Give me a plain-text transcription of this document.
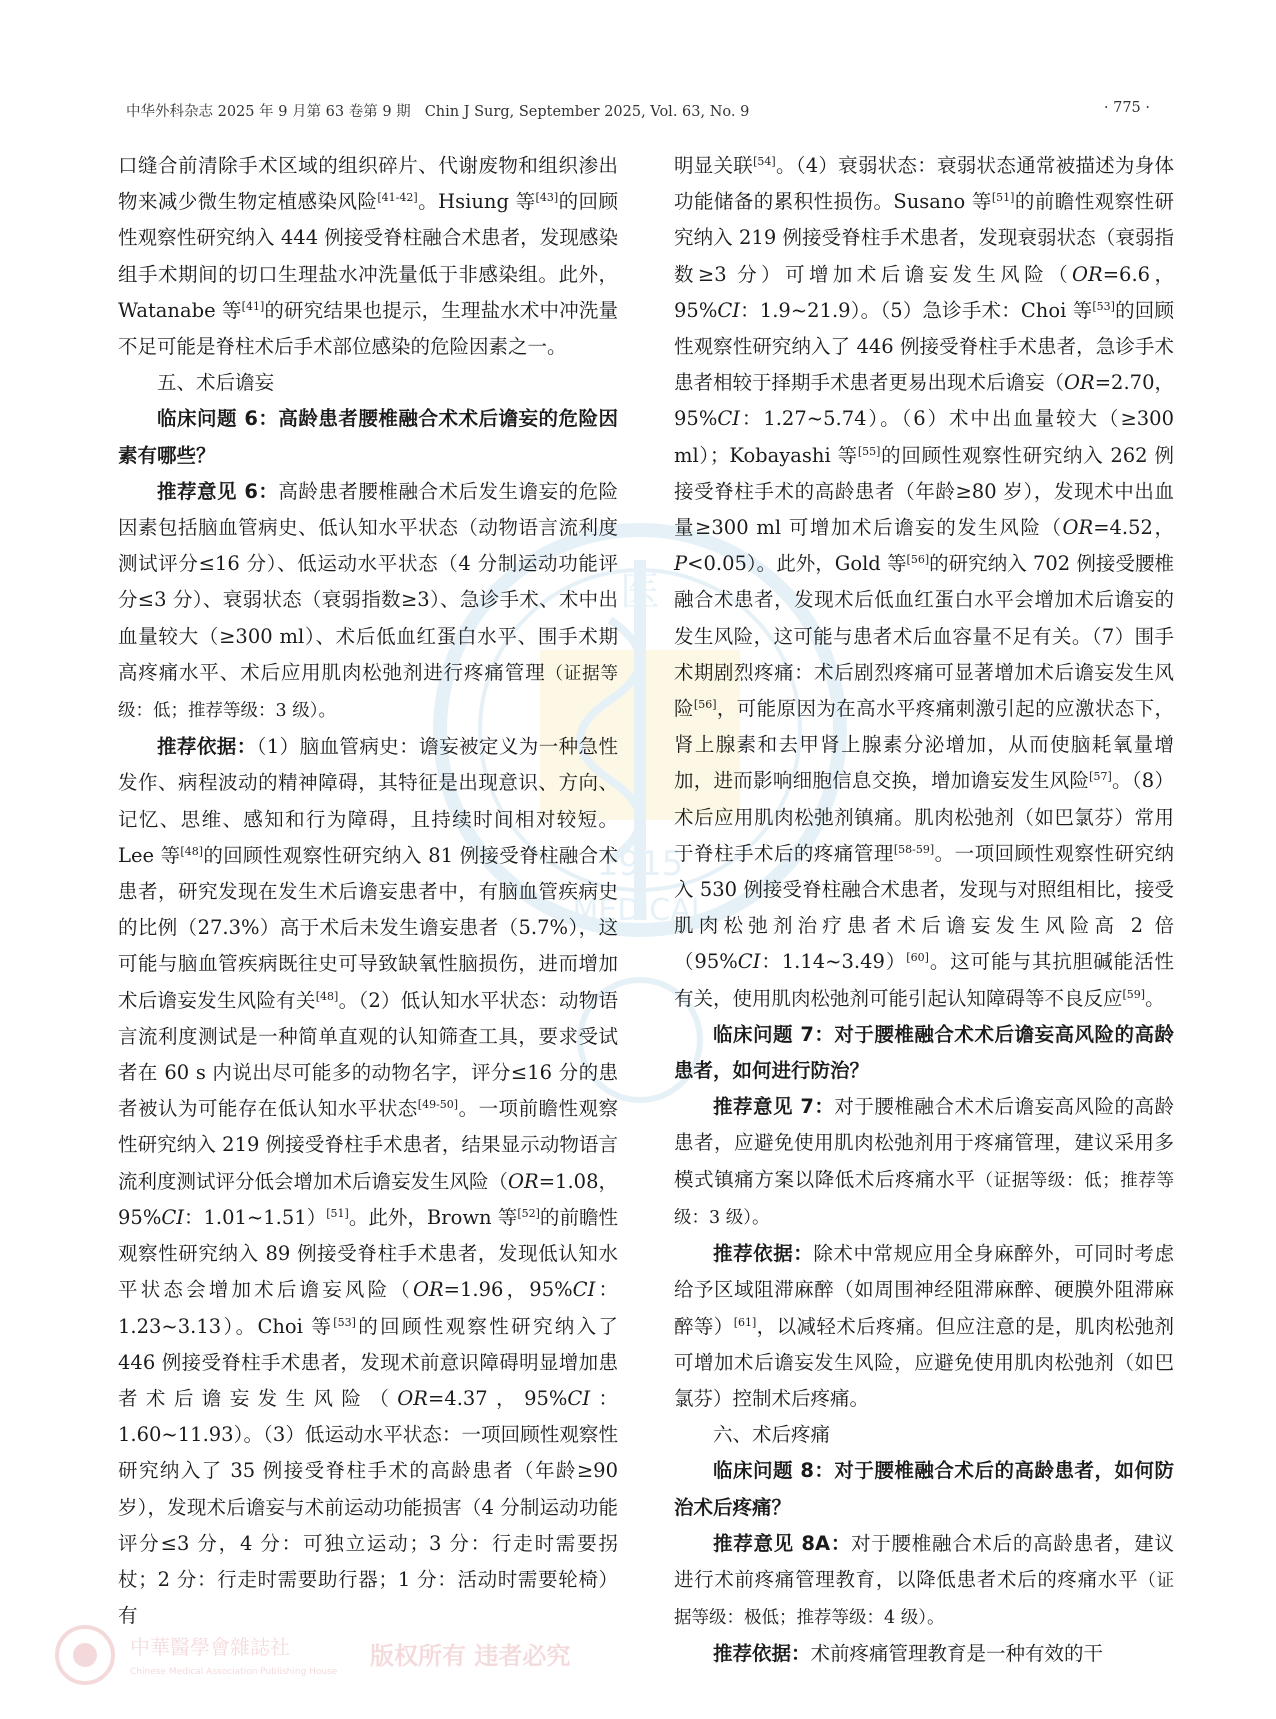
医
1915
MEDICAL
中華醫學會雜誌社
Chinese Medical Association Publishing House
版权所有 违者必究
中华外科杂志 2025 年 9 月第 63 卷第 9 期 Chin J Surg, September 2025, Vol. 63, No. 9	· 775 ·

口缝合前清除手术区域的组织碎片、代谢废物和组织渗出物来减少微生物定植感染风险[41-42]。Hsiung 等[43]的回顾性观察性研究纳入 444 例接受脊柱融合术患者，发现感染组手术期间的切口生理盐水冲洗量低于非感染组。此外，Watanabe 等[41]的研究结果也提示，生理盐水术中冲洗量不足可能是脊柱术后手术部位感染的危险因素之一。

五、术后谵妄

临床问题 6：高龄患者腰椎融合术术后谵妄的危险因素有哪些？

推荐意见 6：高龄患者腰椎融合术后发生谵妄的危险因素包括脑血管病史、低认知水平状态（动物语言流利度测试评分≤16 分）、低运动水平状态（4 分制运动功能评分≤3 分）、衰弱状态（衰弱指数≥3）、急诊手术、术中出血量较大（≥300 ml）、术后低血红蛋白水平、围手术期高疼痛水平、术后应用肌肉松弛剂进行疼痛管理（证据等级：低；推荐等级：3 级）。

推荐依据：（1）脑血管病史：谵妄被定义为一种急性发作、病程波动的精神障碍，其特征是出现意识、方向、记忆、思维、感知和行为障碍，且持续时间相对较短。Lee 等[48]的回顾性观察性研究纳入 81 例接受脊柱融合术患者，研究发现在发生术后谵妄患者中，有脑血管疾病史的比例（27.3%）高于术后未发生谵妄患者（5.7%），这可能与脑血管疾病既往史可导致缺氧性脑损伤，进而增加术后谵妄发生风险有关[48]。（2）低认知水平状态：动物语言流利度测试是一种简单直观的认知筛查工具，要求受试者在 60 s 内说出尽可能多的动物名字，评分≤16 分的患者被认为可能存在低认知水平状态[49-50]。一项前瞻性观察性研究纳入 219 例接受脊柱手术患者，结果显示动物语言流利度测试评分低会增加术后谵妄发生风险（OR=1.08，95%CI：1.01~1.51）[51]。此外，Brown 等[52]的前瞻性观察性研究纳入 89 例接受脊柱手术患者，发现低认知水平状态会增加术后谵妄风险（OR=1.96，95%CI：1.23~3.13）。Choi 等[53]的回顾性观察性研究纳入了 446 例接受脊柱手术患者，发现术前意识障碍明显增加患者术后谵妄发生风险（OR=4.37，95%CI：1.60~11.93）。（3）低运动水平状态：一项回顾性观察性研究纳入了 35 例接受脊柱手术的高龄患者（年龄≥90 岁），发现术后谵妄与术前运动功能损害（4 分制运动功能评分≤3 分，4 分：可独立运动；3 分：行走时需要拐杖；2 分：行走时需要助行器；1 分：活动时需要轮椅）有

明显关联[54]。（4）衰弱状态：衰弱状态通常被描述为身体功能储备的累积性损伤。Susano 等[51]的前瞻性观察性研究纳入 219 例接受脊柱手术患者，发现衰弱状态（衰弱指数≥3 分）可增加术后谵妄发生风险（OR=6.6，95%CI：1.9~21.9）。（5）急诊手术：Choi 等[53]的回顾性观察性研究纳入了 446 例接受脊柱手术患者，急诊手术患者相较于择期手术患者更易出现术后谵妄（OR=2.70，95%CI：1.27~5.74）。（6）术中出血量较大（≥300 ml）；Kobayashi 等[55]的回顾性观察性研究纳入 262 例接受脊柱手术的高龄患者（年龄≥80 岁），发现术中出血量≥300 ml 可增加术后谵妄的发生风险（OR=4.52，P<0.05）。此外，Gold 等[56]的研究纳入 702 例接受腰椎融合术患者，发现术后低血红蛋白水平会增加术后谵妄的发生风险，这可能与患者术后血容量不足有关。（7）围手术期剧烈疼痛：术后剧烈疼痛可显著增加术后谵妄发生风险[56]，可能原因为在高水平疼痛刺激引起的应激状态下，肾上腺素和去甲肾上腺素分泌增加，从而使脑耗氧量增加，进而影响细胞信息交换，增加谵妄发生风险[57]。（8）术后应用肌肉松弛剂镇痛。肌肉松弛剂（如巴氯芬）常用于脊柱手术后的疼痛管理[58-59]。一项回顾性观察性研究纳入 530 例接受脊柱融合术患者，发现与对照组相比，接受肌肉松弛剂治疗患者术后谵妄发生风险高 2 倍（95%CI：1.14~3.49）[60]。这可能与其抗胆碱能活性有关，使用肌肉松弛剂可能引起认知障碍等不良反应[59]。

临床问题 7：对于腰椎融合术术后谵妄高风险的高龄患者，如何进行防治？

推荐意见 7：对于腰椎融合术术后谵妄高风险的高龄患者，应避免使用肌肉松弛剂用于疼痛管理，建议采用多模式镇痛方案以降低术后疼痛水平（证据等级：低；推荐等级：3 级）。

推荐依据：除术中常规应用全身麻醉外，可同时考虑给予区域阻滞麻醉（如周围神经阻滞麻醉、硬膜外阻滞麻醉等）[61]，以减轻术后疼痛。但应注意的是，肌肉松弛剂可增加术后谵妄发生风险，应避免使用肌肉松弛剂（如巴氯芬）控制术后疼痛。

六、术后疼痛

临床问题 8：对于腰椎融合术后的高龄患者，如何防治术后疼痛？

推荐意见 8A：对于腰椎融合术后的高龄患者，建议进行术前疼痛管理教育，以降低患者术后的疼痛水平（证据等级：极低；推荐等级：4 级）。

推荐依据：术前疼痛管理教育是一种有效的干
